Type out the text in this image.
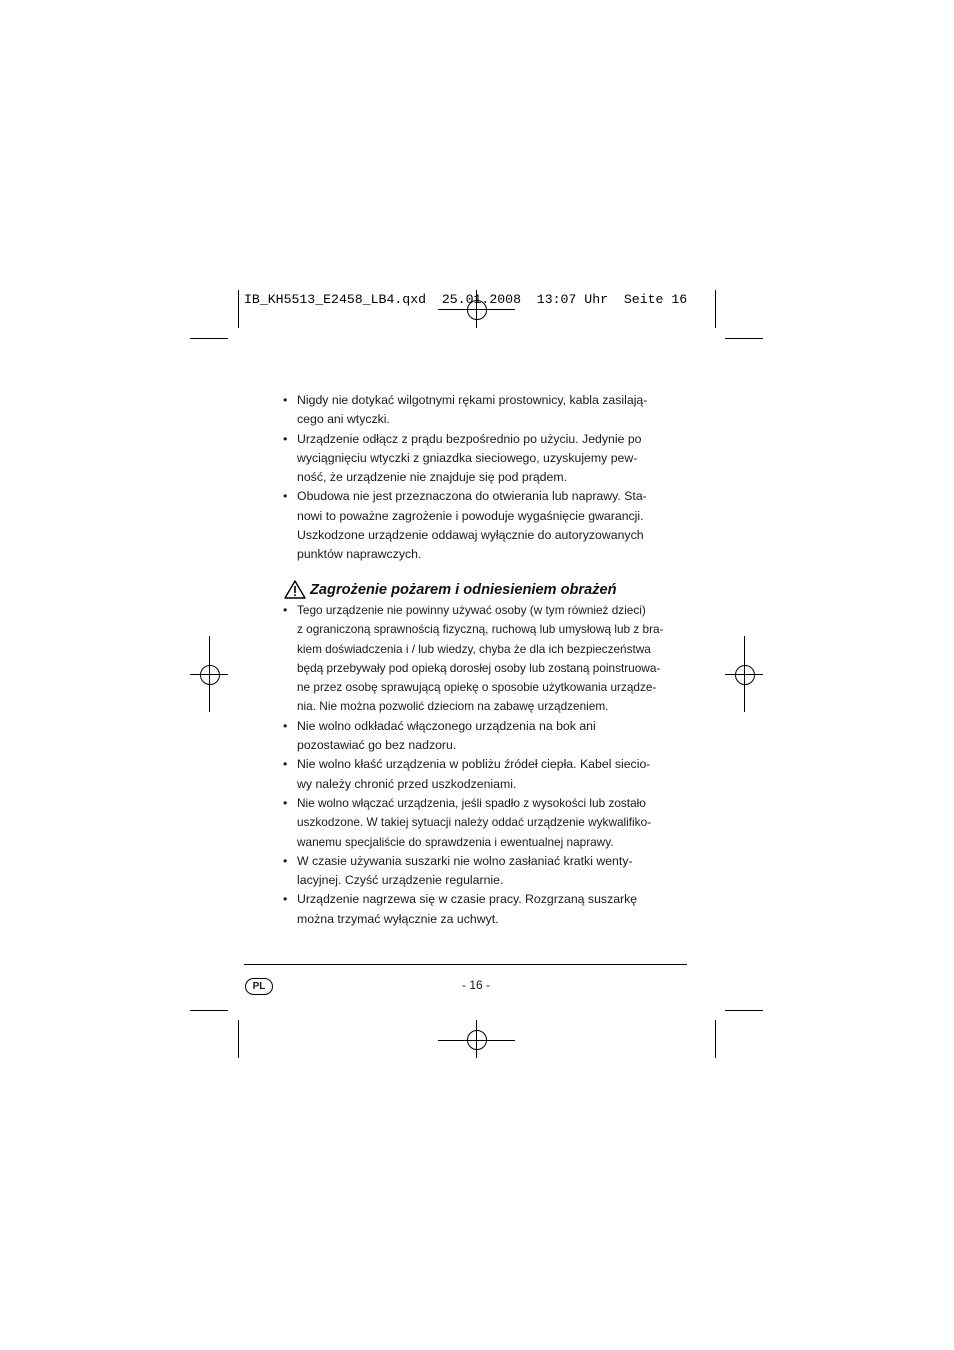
IB_KH5513_E2458_LB4.qxd  25.01.2008  13:07 Uhr  Seite 16
• Nigdy nie dotykać wilgotnymi rękami prostownicy, kabla zasilają-
cego ani wtyczki.
• Urządzenie odłącz z prądu bezpośrednio po użyciu. Jedynie po
wyciągnięciu wtyczki z gniazdka sieciowego, uzyskujemy pew-
ność, że urządzenie nie znajduje się pod prądem.
• Obudowa nie jest przeznaczona do otwierania lub naprawy. Sta-
nowi to poważne zagrożenie i powoduje wygaśnięcie gwarancji.
Uszkodzone urządzenie oddawaj wyłącznie do autoryzowanych
punktów naprawczych.
Zagrożenie pożarem i odniesieniem obrażeń
• Tego urządzenie nie powinny używać osoby (w tym również dzieci)
z ograniczoną sprawnością fizyczną, ruchową lub umysłową lub z bra-
kiem doświadczenia i / lub wiedzy, chyba że dla ich bezpieczeństwa
będą przebywały pod opieką dorosłej osoby lub zostaną poinstruowa-
ne przez osobę sprawującą opiekę o sposobie użytkowania urządze-
nia. Nie można pozwolić dzieciom na zabawę urządzeniem.
• Nie wolno odkładać włączonego urządzenia na bok ani
pozostawiać go bez nadzoru.
• Nie wolno kłaść urządzenia w pobliżu źródeł ciepła. Kabel siecio-
wy należy chronić przed uszkodzeniami.
• Nie wolno włączać urządzenia, jeśli spadło z wysokości lub zostało
uszkodzone. W takiej sytuacji należy oddać urządzenie wykwalifiko-
wanemu specjaliście do sprawdzenia i ewentualnej naprawy.
• W czasie używania suszarki nie wolno zasłaniać kratki wenty-
lacyjnej. Czyść urządzenie regularnie.
• Urządzenie nagrzewa się w czasie pracy. Rozgrzaną suszarkę
można trzymać wyłącznie za uchwyt.
PL	- 16 -
